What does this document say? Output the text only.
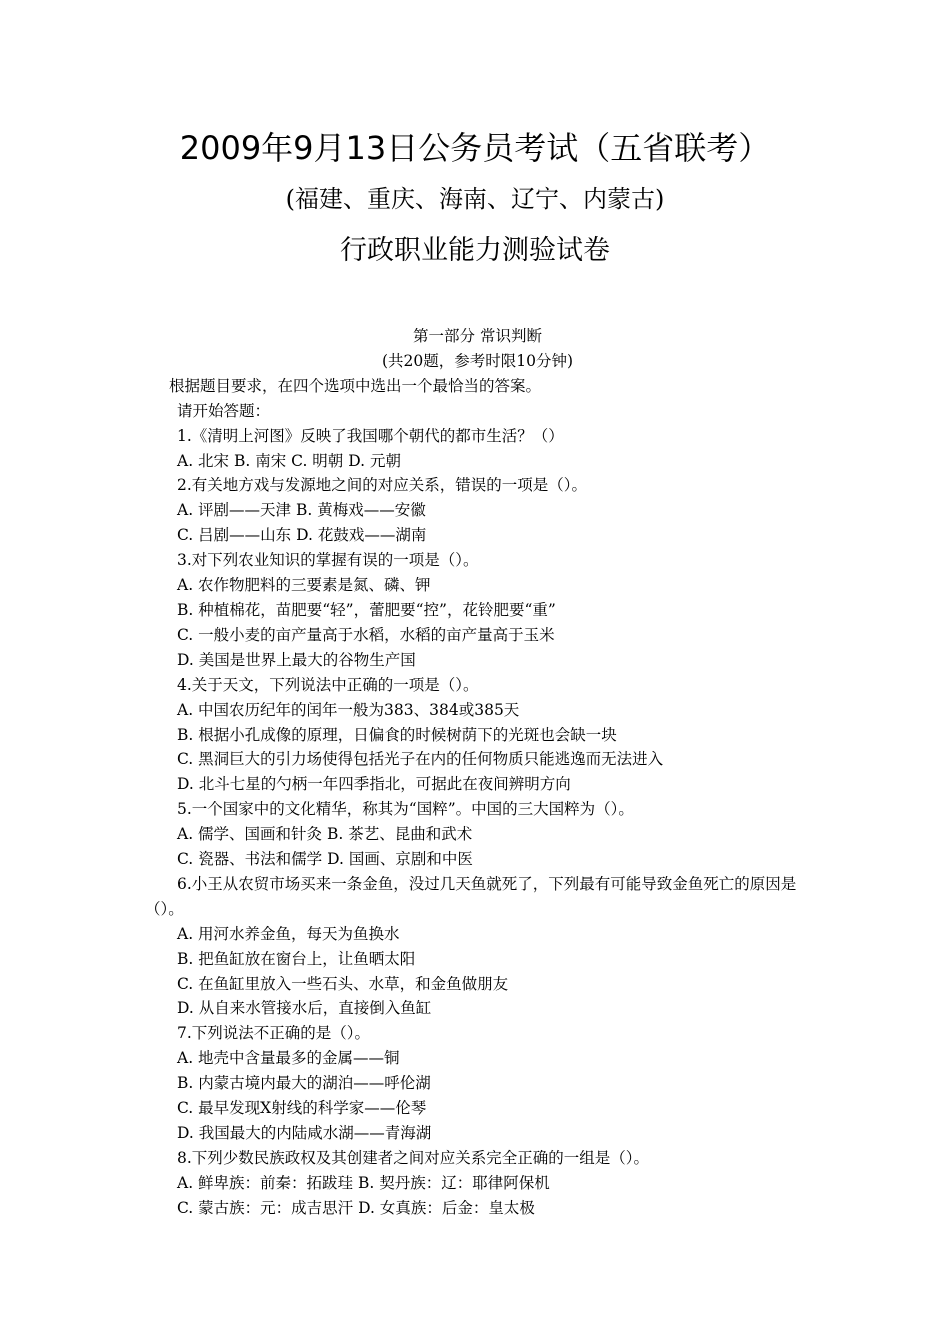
2009年9月13日公务员考试（五省联考）
(福建、重庆、海南、辽宁、内蒙古)
行政职业能力测验试卷
第一部分 常识判断
(共20题，参考时限10分钟)
根据题目要求，在四个选项中选出一个最恰当的答案。
请开始答题：
1.《清明上河图》反映了我国哪个朝代的都市生活？（）
A. 北宋 B. 南宋 C. 明朝 D. 元朝
2.有关地方戏与发源地之间的对应关系，错误的一项是（）。
A. 评剧——天津 B. 黄梅戏——安徽
C. 吕剧——山东 D. 花鼓戏——湖南
3.对下列农业知识的掌握有误的一项是（）。
A. 农作物肥料的三要素是氮、磷、钾
B. 种植棉花，苗肥要“轻”，蕾肥要“控”，花铃肥要“重”
C. 一般小麦的亩产量高于水稻，水稻的亩产量高于玉米
D. 美国是世界上最大的谷物生产国
4.关于天文，下列说法中正确的一项是（）。
A. 中国农历纪年的闰年一般为383、384或385天
B. 根据小孔成像的原理，日偏食的时候树荫下的光斑也会缺一块
C. 黑洞巨大的引力场使得包括光子在内的任何物质只能逃逸而无法进入
D. 北斗七星的勺柄一年四季指北，可据此在夜间辨明方向
5.一个国家中的文化精华，称其为“国粹”。中国的三大国粹为（）。
A. 儒学、国画和针灸 B. 茶艺、昆曲和武术
C. 瓷器、书法和儒学 D. 国画、京剧和中医
6.小王从农贸市场买来一条金鱼，没过几天鱼就死了，下列最有可能导致金鱼死亡的原因是（）。
A. 用河水养金鱼，每天为鱼换水
B. 把鱼缸放在窗台上，让鱼晒太阳
C. 在鱼缸里放入一些石头、水草，和金鱼做朋友
D. 从自来水管接水后，直接倒入鱼缸
7.下列说法不正确的是（）。
A. 地壳中含量最多的金属——铜
B. 内蒙古境内最大的湖泊——呼伦湖
C. 最早发现X射线的科学家——伦琴
D. 我国最大的内陆咸水湖——青海湖
8.下列少数民族政权及其创建者之间对应关系完全正确的一组是（）。
A. 鲜卑族：前秦：拓跋珪 B. 契丹族：辽：耶律阿保机
C. 蒙古族：元：成吉思汗 D. 女真族：后金：皇太极
